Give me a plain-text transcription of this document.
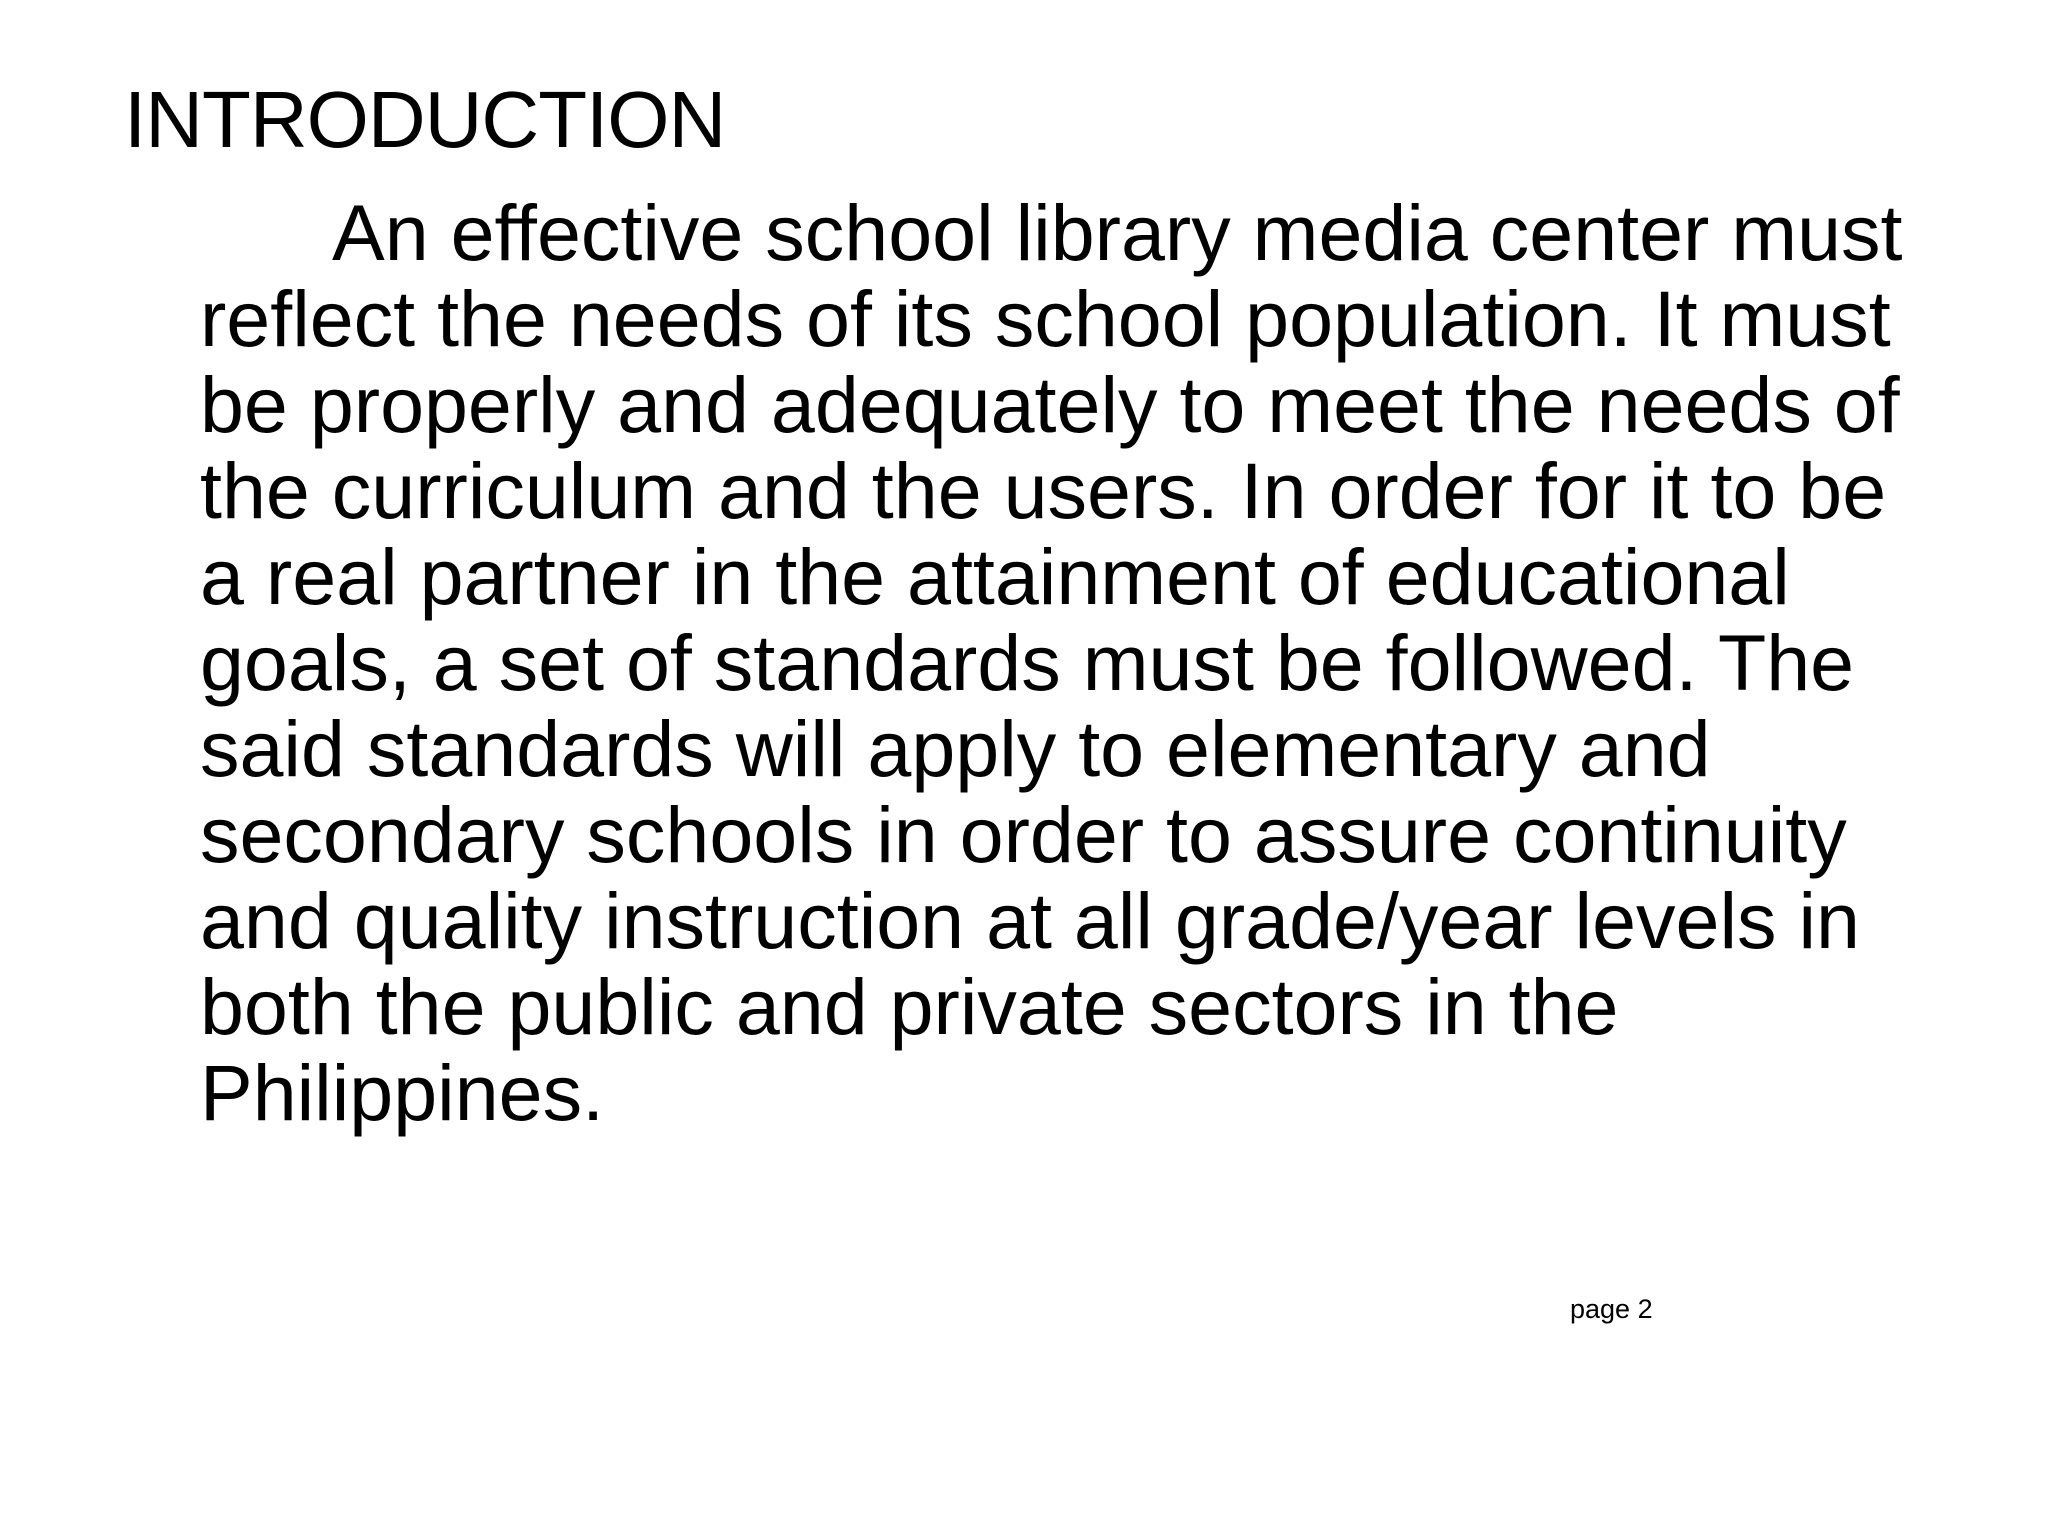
INTRODUCTION
An effective school library media center must
reflect the needs of its school population. It must
be properly and adequately to meet the needs of
the curriculum and the users. In order for it to be
a real partner in the attainment of educational
goals, a set of standards must be followed. The
said standards will apply to elementary and
secondary schools in order to assure continuity
and quality instruction at all grade/year levels in
both the public and private sectors in the
Philippines.
page 2
